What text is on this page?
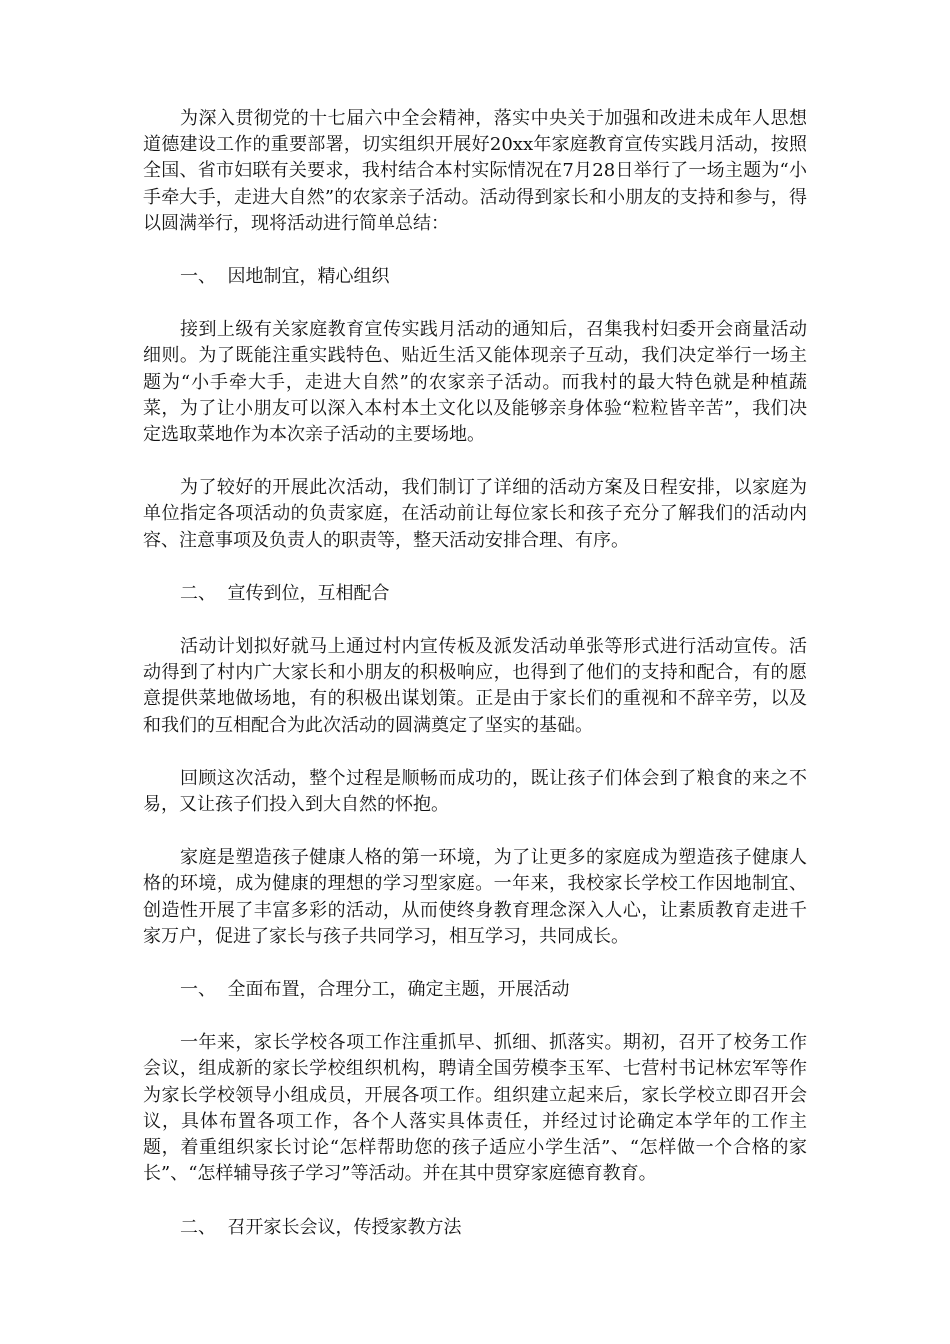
为深入贯彻党的十七届六中全会精神，落实中央关于加强和改进未成年人思想道德建设工作的重要部署，切实组织开展好20xx年家庭教育宣传实践月活动，按照全国、省市妇联有关要求，我村结合本村实际情况在7月28日举行了一场主题为“小手牵大手，走进大自然”的农家亲子活动。活动得到家长和小朋友的支持和参与，得以圆满举行，现将活动进行简单总结：

一、  因地制宜，精心组织

接到上级有关家庭教育宣传实践月活动的通知后，召集我村妇委开会商量活动细则。为了既能注重实践特色、贴近生活又能体现亲子互动，我们决定举行一场主题为“小手牵大手，走进大自然”的农家亲子活动。而我村的最大特色就是种植蔬菜，为了让小朋友可以深入本村本土文化以及能够亲身体验“粒粒皆辛苦”，我们决定选取菜地作为本次亲子活动的主要场地。

为了较好的开展此次活动，我们制订了详细的活动方案及日程安排，以家庭为单位指定各项活动的负责家庭，在活动前让每位家长和孩子充分了解我们的活动内容、注意事项及负责人的职责等，整天活动安排合理、有序。

二、  宣传到位，互相配合

活动计划拟好就马上通过村内宣传板及派发活动单张等形式进行活动宣传。活动得到了村内广大家长和小朋友的积极响应，也得到了他们的支持和配合，有的愿意提供菜地做场地，有的积极出谋划策。正是由于家长们的重视和不辞辛劳，以及和我们的互相配合为此次活动的圆满奠定了坚实的基础。

回顾这次活动，整个过程是顺畅而成功的，既让孩子们体会到了粮食的来之不易，又让孩子们投入到大自然的怀抱。

家庭是塑造孩子健康人格的第一环境，为了让更多的家庭成为塑造孩子健康人格的环境，成为健康的理想的学习型家庭。一年来，我校家长学校工作因地制宜、创造性开展了丰富多彩的活动，从而使终身教育理念深入人心，让素质教育走进千家万户，促进了家长与孩子共同学习，相互学习，共同成长。

一、  全面布置，合理分工，确定主题，开展活动

一年来，家长学校各项工作注重抓早、抓细、抓落实。期初，召开了校务工作会议，组成新的家长学校组织机构，聘请全国劳模李玉军、七营村书记林宏军等作为家长学校领导小组成员，开展各项工作。组织建立起来后，家长学校立即召开会议，具体布置各项工作，各个人落实具体责任，并经过讨论确定本学年的工作主题，着重组织家长讨论“怎样帮助您的孩子适应小学生活”、“怎样做一个合格的家长”、“怎样辅导孩子学习”等活动。并在其中贯穿家庭德育教育。

二、  召开家长会议，传授家教方法
